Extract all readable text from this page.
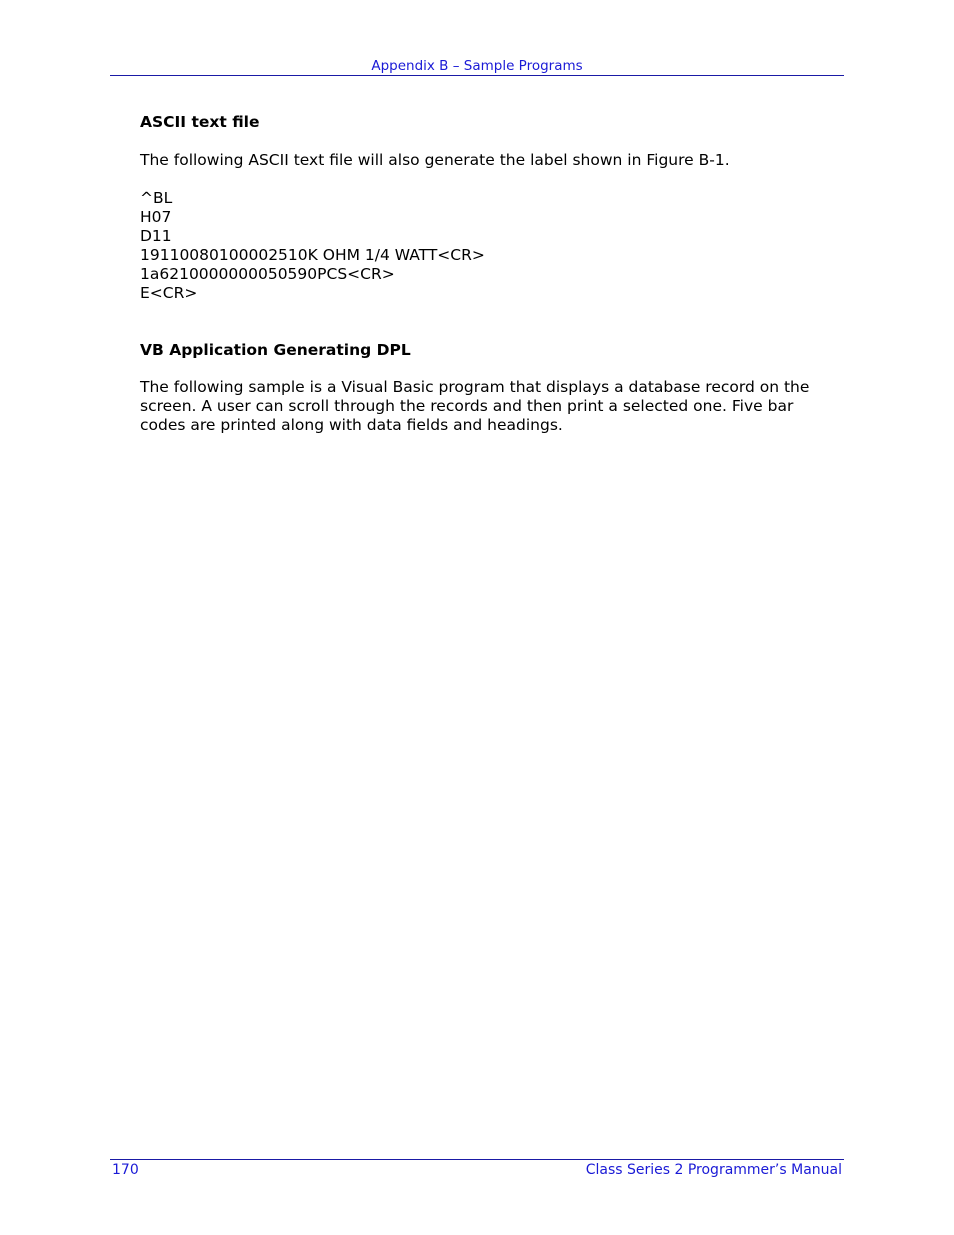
Appendix B – Sample Programs

ASCII text file

The following ASCII text file will also generate the label shown in Figure B-1.

^BL
H07
D11
19110080100002510K OHM 1/4 WATT<CR>
1a6210000000050590PCS<CR>
E<CR>

VB Application Generating DPL

The following sample is a Visual Basic program that displays a database record on the screen. A user can scroll through the records and then print a selected one. Five bar codes are printed along with data fields and headings.

170	Class Series 2 Programmer’s Manual
